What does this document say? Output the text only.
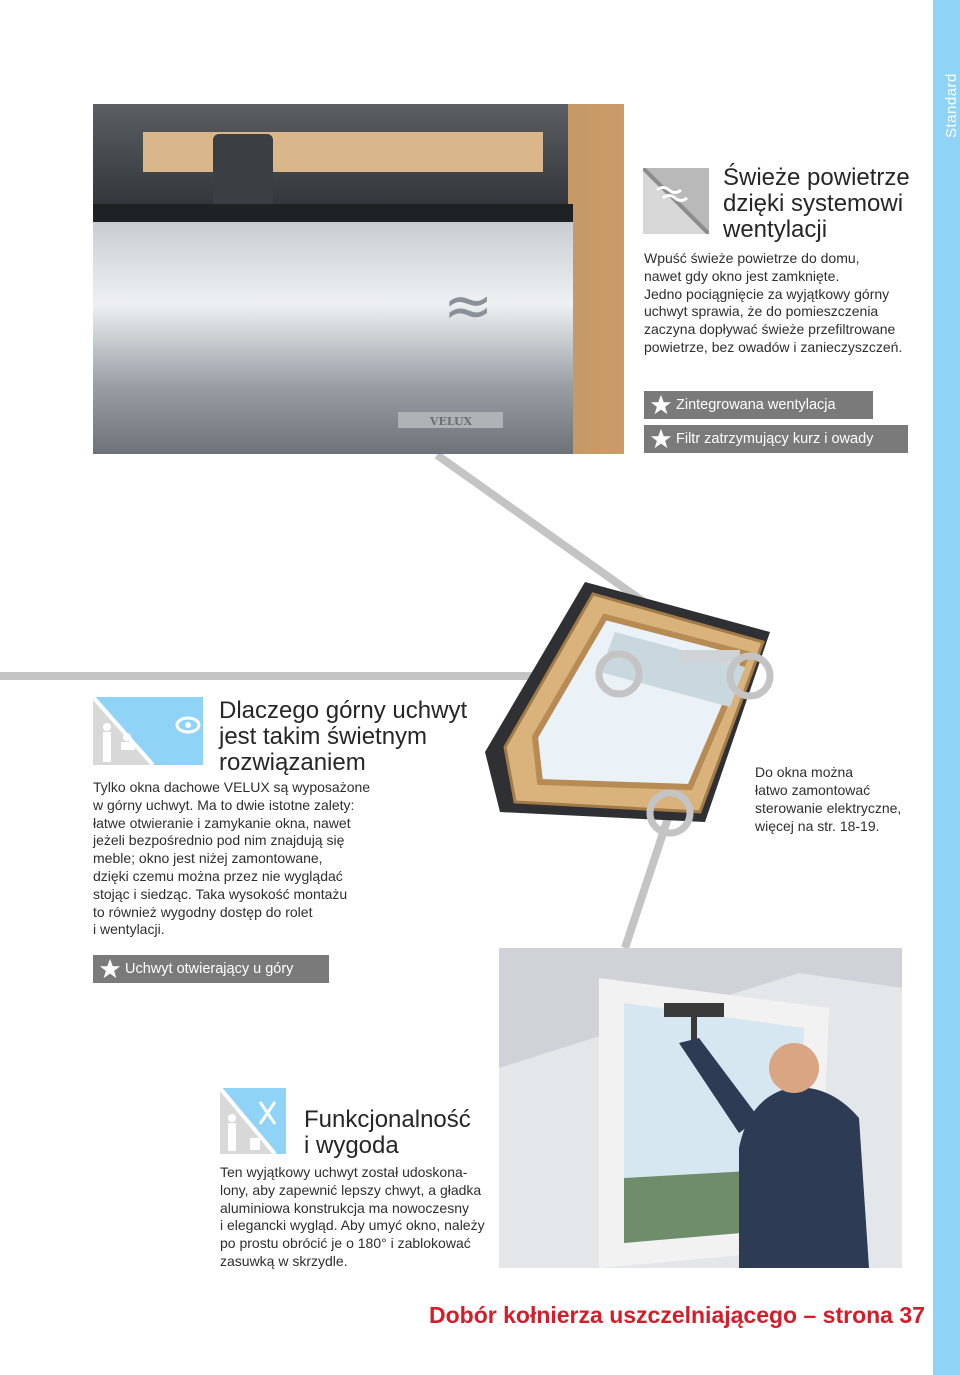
Standard
≈
VELUX
Świeże powietrze
dzięki systemowi
wentylacji
Wpuść świeże powietrze do domu,
nawet gdy okno jest zamknięte.
Jedno pociągnięcie za wyjątkowy górny
uchwyt sprawia, że do pomieszczenia
zaczyna dopływać świeże przefiltrowane
powietrze, bez owadów i zanieczyszczeń.
Zintegrowana wentylacja
Filtr zatrzymujący kurz i owady
Dlaczego górny uchwyt
jest takim świetnym
rozwiązaniem
Tylko okna dachowe VELUX są wyposażone
w górny uchwyt. Ma to dwie istotne zalety:
łatwe otwieranie i zamykanie okna, nawet
jeżeli bezpośrednio pod nim znajdują się
meble; okno jest niżej zamontowane,
dzięki czemu można przez nie wyglądać
stojąc i siedząc. Taka wysokość montażu
to również wygodny dostęp do rolet
i wentylacji.
Uchwyt otwierający u góry
Do okna można
łatwo zamontować
sterowanie elektryczne,
więcej na str. 18-19.
Funkcjonalność
i wygoda
Ten wyjątkowy uchwyt został udoskona-
lony, aby zapewnić lepszy chwyt, a gładka
aluminiowa konstrukcja ma nowoczesny
i elegancki wygląd. Aby umyć okno, należy
po prostu obrócić je o 180° i zablokować
zasuwką w skrzydle.
Dobór kołnierza uszczelniającego – strona 37
